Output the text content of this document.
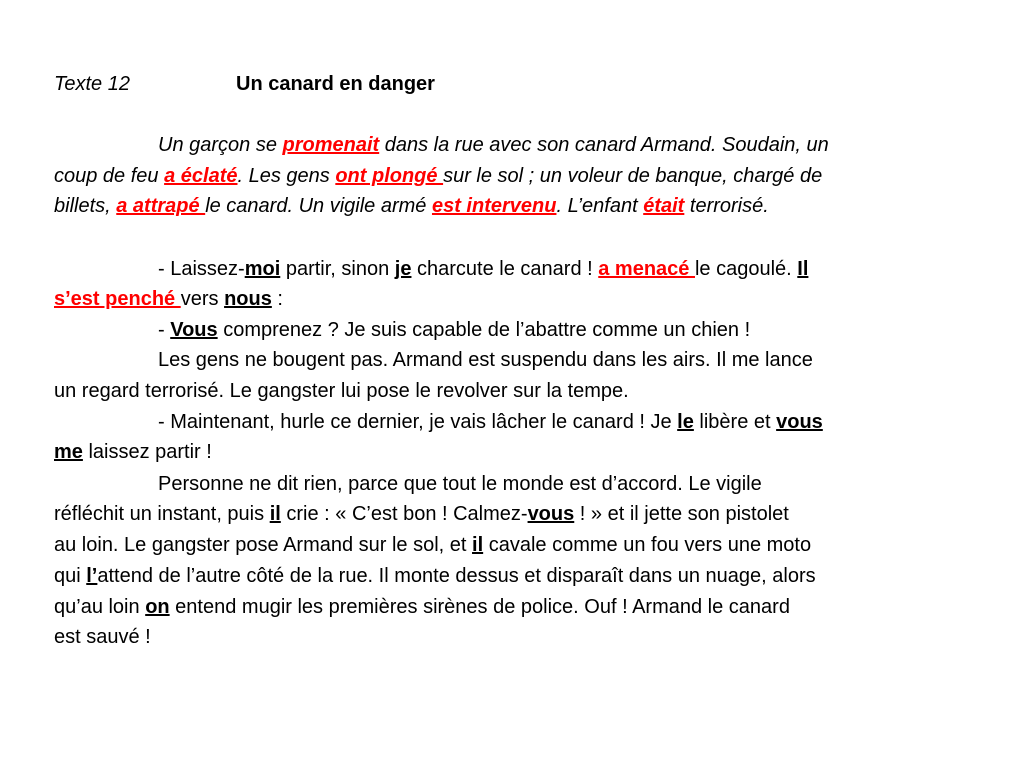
Texte 12	Un canard en danger
Un garçon se promenait dans la rue avec son canard Armand. Soudain, un
coup de feu a éclaté. Les gens ont plongé sur le sol ; un voleur de banque, chargé de
billets, a attrapé le canard. Un vigile armé est intervenu. L’enfant était terrorisé.
- Laissez-moi partir, sinon je charcute le canard ! a menacé le cagoulé. Il
s’est penché vers nous :
- Vous comprenez ? Je suis capable de l’abattre comme un chien !
Les gens ne bougent pas. Armand est suspendu dans les airs. Il me lance
un regard terrorisé. Le gangster lui pose le revolver sur la tempe.
- Maintenant, hurle ce dernier, je vais lâcher le canard ! Je le libère et vous
me laissez partir !
Personne ne dit rien, parce que tout le monde est d’accord. Le vigile
réfléchit un instant, puis il crie : « C’est bon ! Calmez-vous ! » et il jette son pistolet
au loin. Le gangster pose Armand sur le sol, et il cavale comme un fou vers une moto
qui l’attend de l’autre côté de la rue. Il monte dessus et disparaît dans un nuage, alors
qu’au loin on entend mugir les premières sirènes de police. Ouf ! Armand le canard
est sauvé !
